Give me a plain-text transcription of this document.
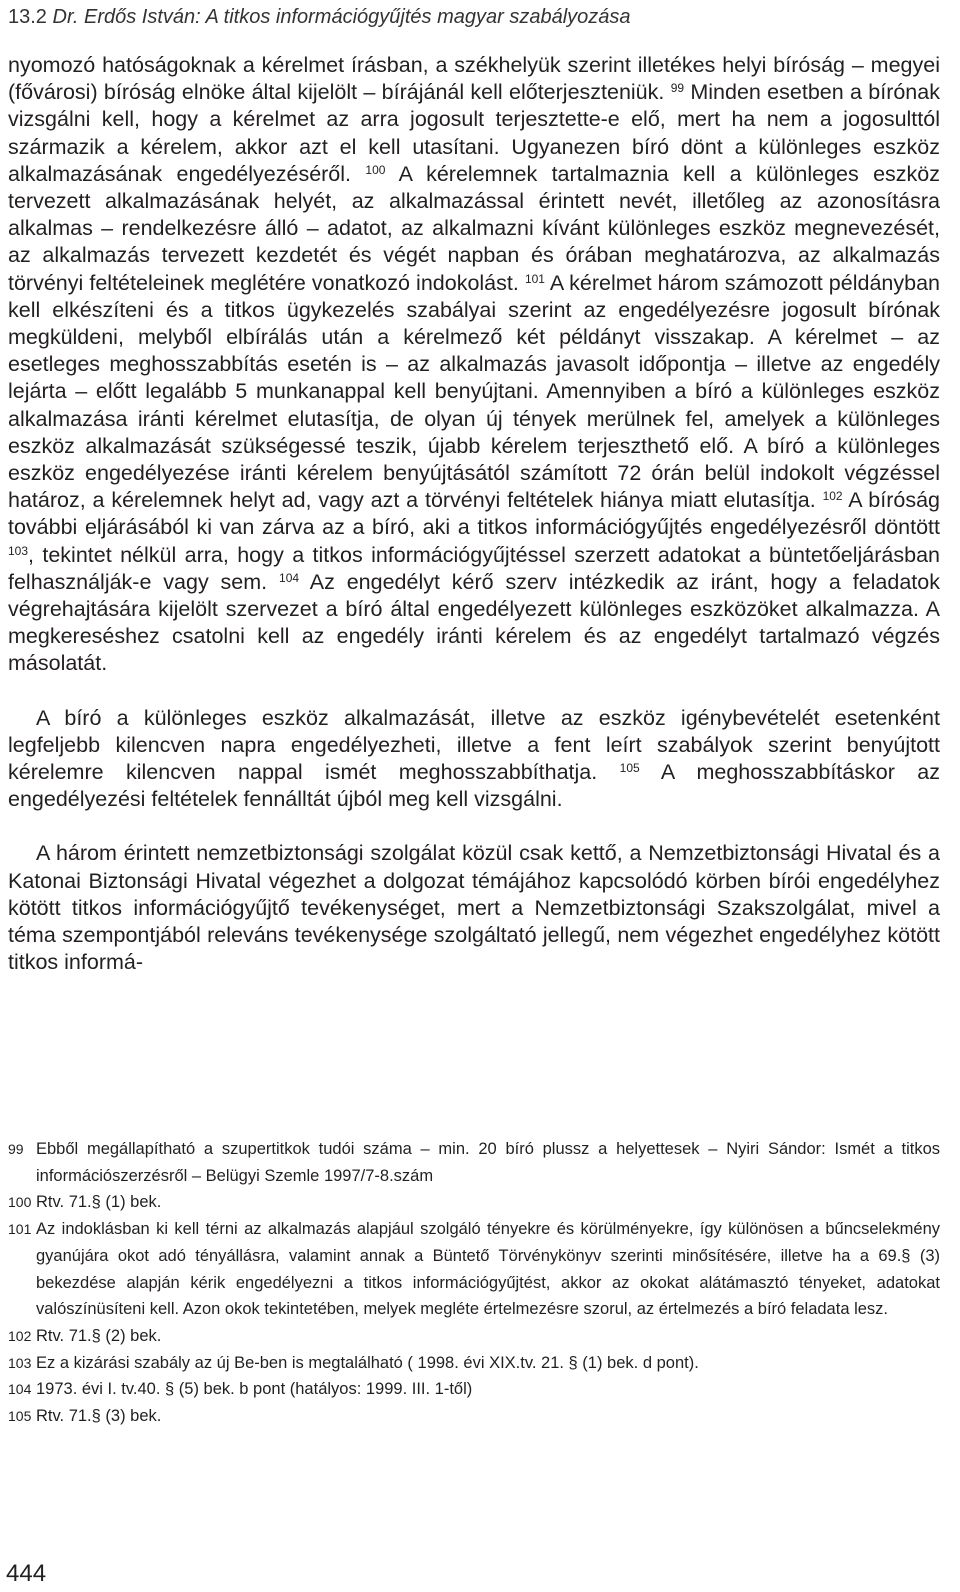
13.2 Dr. Erdős István: A titkos információgyűjtés magyar szabályozása

nyomozó hatóságoknak a kérelmet írásban, a székhelyük szerint illetékes helyi bíróság – megyei (fővárosi) bíróság elnöke által kijelölt – bírájánál kell előterjeszteniük. $^{99}$ Minden esetben a bírónak vizsgálni kell, hogy a kérelmet az arra jogosult terjesztette-e elő, mert ha nem a jogosulttól származik a kérelem, akkor azt el kell utasítani. Ugyanezen bíró dönt a különleges eszköz alkalmazásának engedélyezéséről. $^{100}$ A kérelemnek tartalmaznia kell a különleges eszköz tervezett alkalmazásának helyét, az alkalmazással érintett nevét, illetőleg az azonosításra alkalmas – rendelkezésre álló – adatot, az alkalmazni kívánt különleges eszköz megnevezését, az alkalmazás tervezett kezdetét és végét napban és órában meghatározva, az alkalmazás törvényi feltételeinek meglétére vonatkozó indokolást. $^{101}$ A kérelmet három számozott példányban kell elkészíteni és a titkos ügykezelés szabályai szerint az engedélyezésre jogosult bírónak megküldeni, melyből elbírálás után a kérelmező két példányt visszakap. A kérelmet – az esetleges meghosszabbítás esetén is – az alkalmazás javasolt időpontja – illetve az engedély lejárta – előtt legalább 5 munkanappal kell benyújtani. Amennyiben a bíró a különleges eszköz alkalmazása iránti kérelmet elutasítja, de olyan új tények merülnek fel, amelyek a különleges eszköz alkalmazását szükségessé teszik, újabb kérelem terjeszthető elő. A bíró a különleges eszköz engedélyezése iránti kérelem benyújtásától számított 72 órán belül indokolt végzéssel határoz, a kérelemnek helyt ad, vagy azt a törvényi feltételek hiánya miatt elutasítja. $^{102}$ A bíróság további eljárásából ki van zárva az a bíró, aki a titkos információgyűjtés engedélyezésről döntött $^{103}$, tekintet nélkül arra, hogy a titkos információgyűjtéssel szerzett adatokat a büntetőeljárásban felhasználják-e vagy sem. $^{104}$ Az engedélyt kérő szerv intézkedik az iránt, hogy a feladatok végrehajtására kijelölt szervezet a bíró által engedélyezett különleges eszközöket alkalmazza. A megkereséshez csatolni kell az engedély iránti kérelem és az engedélyt tartalmazó végzés másolatát.

A bíró a különleges eszköz alkalmazását, illetve az eszköz igénybevételét esetenként legfeljebb kilencven napra engedélyezheti, illetve a fent leírt szabályok szerint benyújtott kérelemre kilencven nappal ismét meghosszabbíthatja. $^{105}$ A meghosszabbításkor az engedélyezési feltételek fennálltát újból meg kell vizsgálni.

A három érintett nemzetbiztonsági szolgálat közül csak kettő, a Nemzetbiztonsági Hivatal és a Katonai Biztonsági Hivatal végezhet a dolgozat témájához kapcsolódó körben bírói engedélyhez kötött titkos információgyűjtő tevékenységet, mert a Nemzetbiztonsági Szakszolgálat, mivel a téma szempontjából releváns tevékenysége szolgáltató jellegű, nem végezhet engedélyhez kötött titkos informá-

99 Ebből megállapítható a szupertitkok tudói száma – min. 20 bíró plussz a helyettesek – Nyiri Sándor: Ismét a titkos információszerzésről – Belügyi Szemle 1997/7-8.szám

100 Rtv. 71.§ (1) bek.

101 Az indoklásban ki kell térni az alkalmazás alapjául szolgáló tényekre és körülményekre, így különösen a bűncselekmény gyanújára okot adó tényállásra, valamint annak a Büntető Törvénykönyv szerinti minősítésére, illetve ha a 69.§ (3) bekezdése alapján kérik engedélyezni a titkos információgyűjtést, akkor az okokat alátámasztó tényeket, adatokat valószínüsíteni kell. Azon okok tekintetében, melyek megléte értelmezésre szorul, az értelmezés a bíró feladata lesz.

102 Rtv. 71.§ (2) bek.

103 Ez a kizárási szabály az új Be-ben is megtalálható ( 1998. évi XIX.tv. 21. § (1) bek. d pont).

104 1973. évi I. tv.40. § (5) bek. b pont (hatályos: 1999. III. 1-től)

105 Rtv. 71.§ (3) bek.

444
